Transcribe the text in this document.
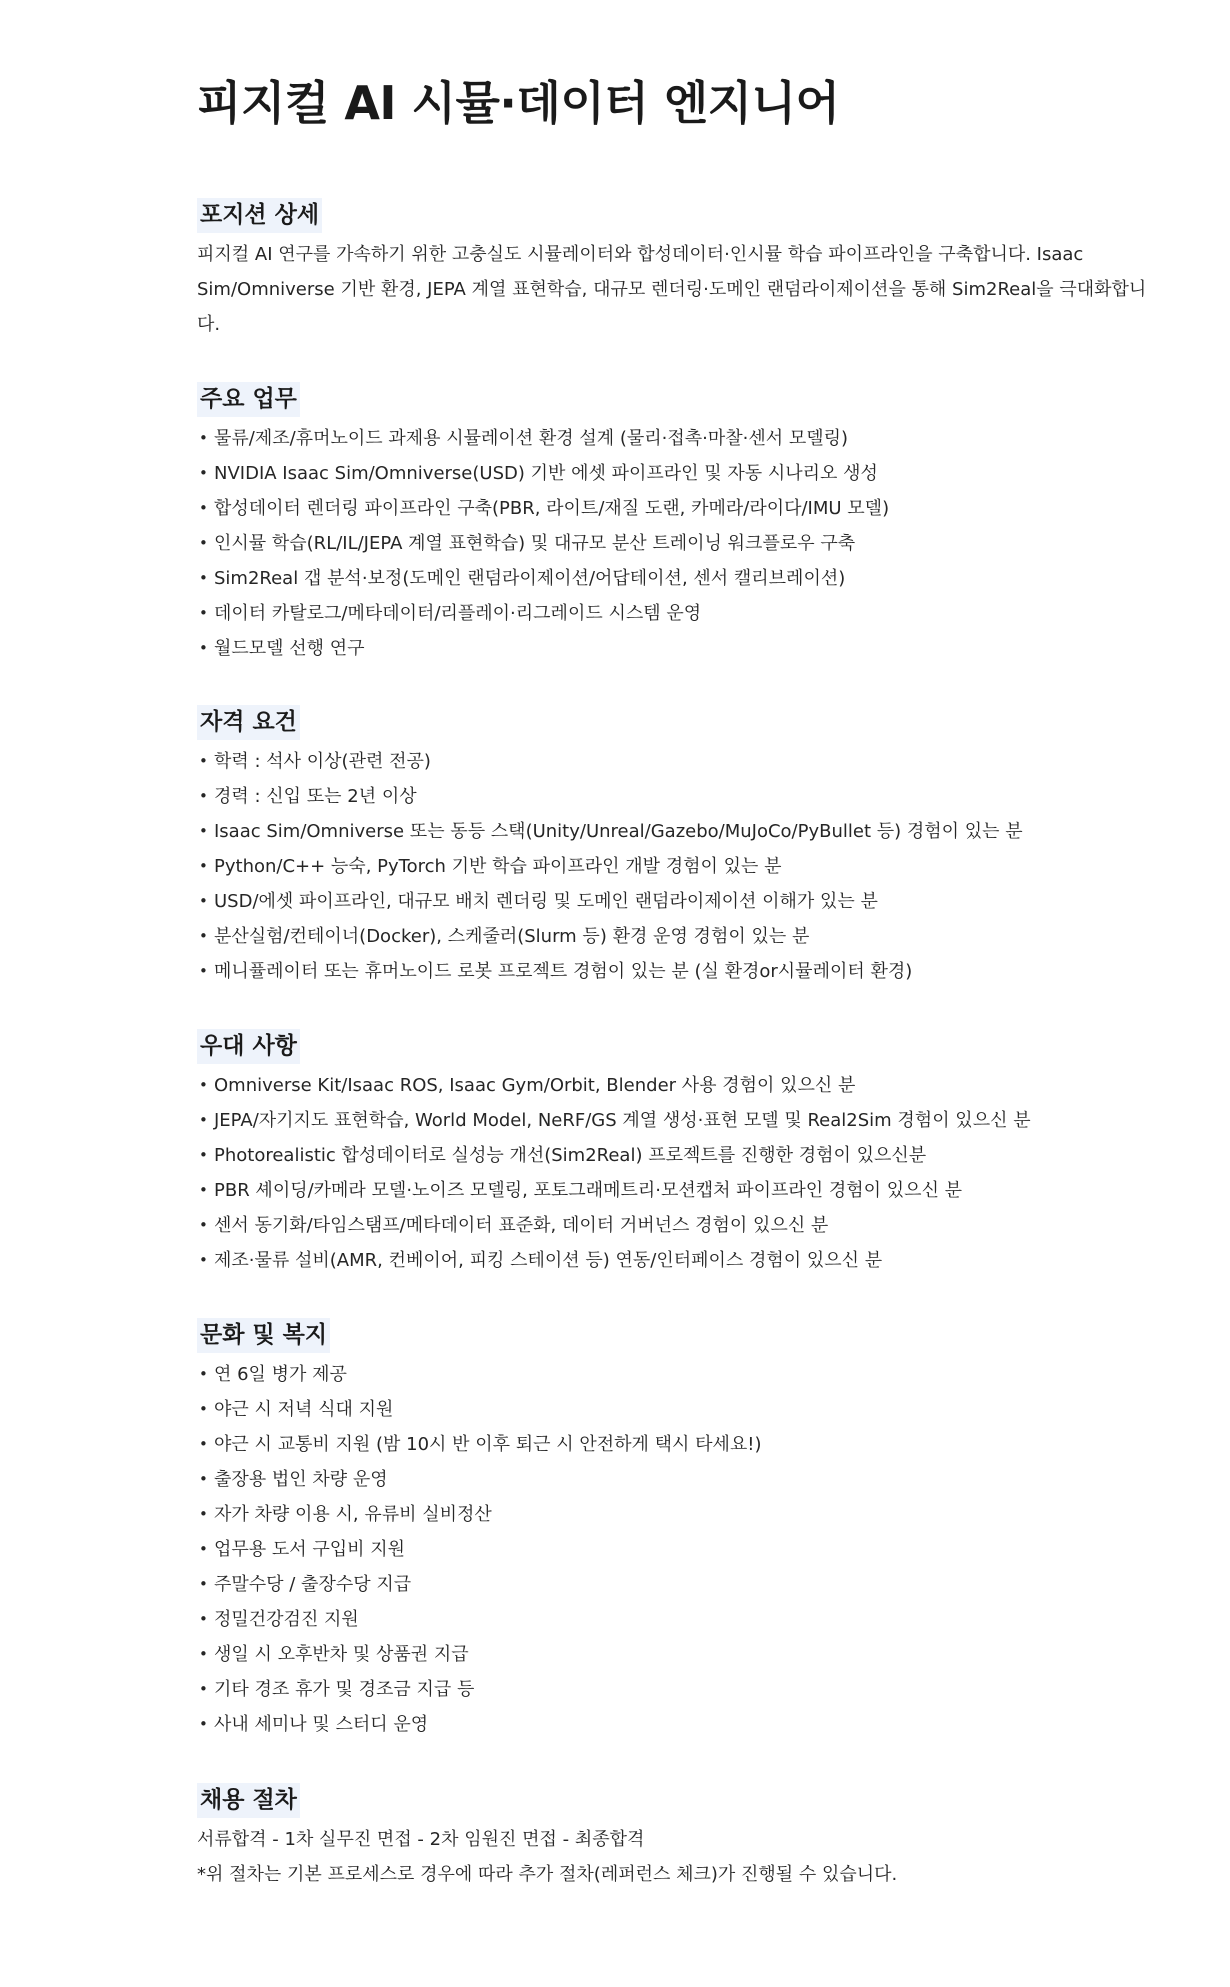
피지컬 AI 시뮬·데이터 엔지니어
포지션 상세

피지컬 AI 연구를 가속하기 위한 고충실도 시뮬레이터와 합성데이터·인시뮬 학습 파이프라인을 구축합니다. Isaac Sim/Omniverse 기반 환경, JEPA 계열 표현학습, 대규모 렌더링·도메인 랜덤라이제이션을 통해 Sim2Real을 극대화합니다.

주요 업무
• 물류/제조/휴머노이드 과제용 시뮬레이션 환경 설계 (물리·접촉·마찰·센서 모델링)
• NVIDIA Isaac Sim/Omniverse(USD) 기반 에셋 파이프라인 및 자동 시나리오 생성
• 합성데이터 렌더링 파이프라인 구축(PBR, 라이트/재질 도랜, 카메라/라이다/IMU 모델)
• 인시뮬 학습(RL/IL/JEPA 계열 표현학습) 및 대규모 분산 트레이닝 워크플로우 구축
• Sim2Real 갭 분석·보정(도메인 랜덤라이제이션/어답테이션, 센서 캘리브레이션)
• 데이터 카탈로그/메타데이터/리플레이·리그레이드 시스템 운영
• 월드모델 선행 연구
자격 요건
• 학력 : 석사 이상(관련 전공)
• 경력 : 신입 또는 2년 이상
• Isaac Sim/Omniverse 또는 동등 스택(Unity/Unreal/Gazebo/MuJoCo/PyBullet 등) 경험이 있는 분
• Python/C++ 능숙, PyTorch 기반 학습 파이프라인 개발 경험이 있는 분
• USD/에셋 파이프라인, 대규모 배치 렌더링 및 도메인 랜덤라이제이션 이해가 있는 분
• 분산실험/컨테이너(Docker), 스케줄러(Slurm 등) 환경 운영 경험이 있는 분
• 메니퓰레이터 또는 휴머노이드 로봇 프로젝트 경험이 있는 분 (실 환경or시뮬레이터 환경)
우대 사항
• Omniverse Kit/Isaac ROS, Isaac Gym/Orbit, Blender 사용 경험이 있으신 분
• JEPA/자기지도 표현학습, World Model, NeRF/GS 계열 생성·표현 모델 및 Real2Sim 경험이 있으신 분
• Photorealistic 합성데이터로 실성능 개선(Sim2Real) 프로젝트를 진행한 경험이 있으신분
• PBR 셰이딩/카메라 모델·노이즈 모델링, 포토그래메트리·모션캡처 파이프라인 경험이 있으신 분
• 센서 동기화/타임스탬프/메타데이터 표준화, 데이터 거버넌스 경험이 있으신 분
• 제조·물류 설비(AMR, 컨베이어, 피킹 스테이션 등) 연동/인터페이스 경험이 있으신 분
문화 및 복지
• 연 6일 병가 제공
• 야근 시 저녁 식대 지원
• 야근 시 교통비 지원 (밤 10시 반 이후 퇴근 시 안전하게 택시 타세요!)
• 출장용 법인 차량 운영
• 자가 차량 이용 시, 유류비 실비정산
• 업무용 도서 구입비 지원
• 주말수당 / 출장수당 지급
• 정밀건강검진 지원
• 생일 시 오후반차 및 상품권 지급
• 기타 경조 휴가 및 경조금 지급 등
• 사내 세미나 및 스터디 운영
채용 절차
서류합격 - 1차 실무진 면접 - 2차 임원진 면접 - 최종합격
*위 절차는 기본 프로세스로 경우에 따라 추가 절차(레퍼런스 체크)가 진행될 수 있습니다.
